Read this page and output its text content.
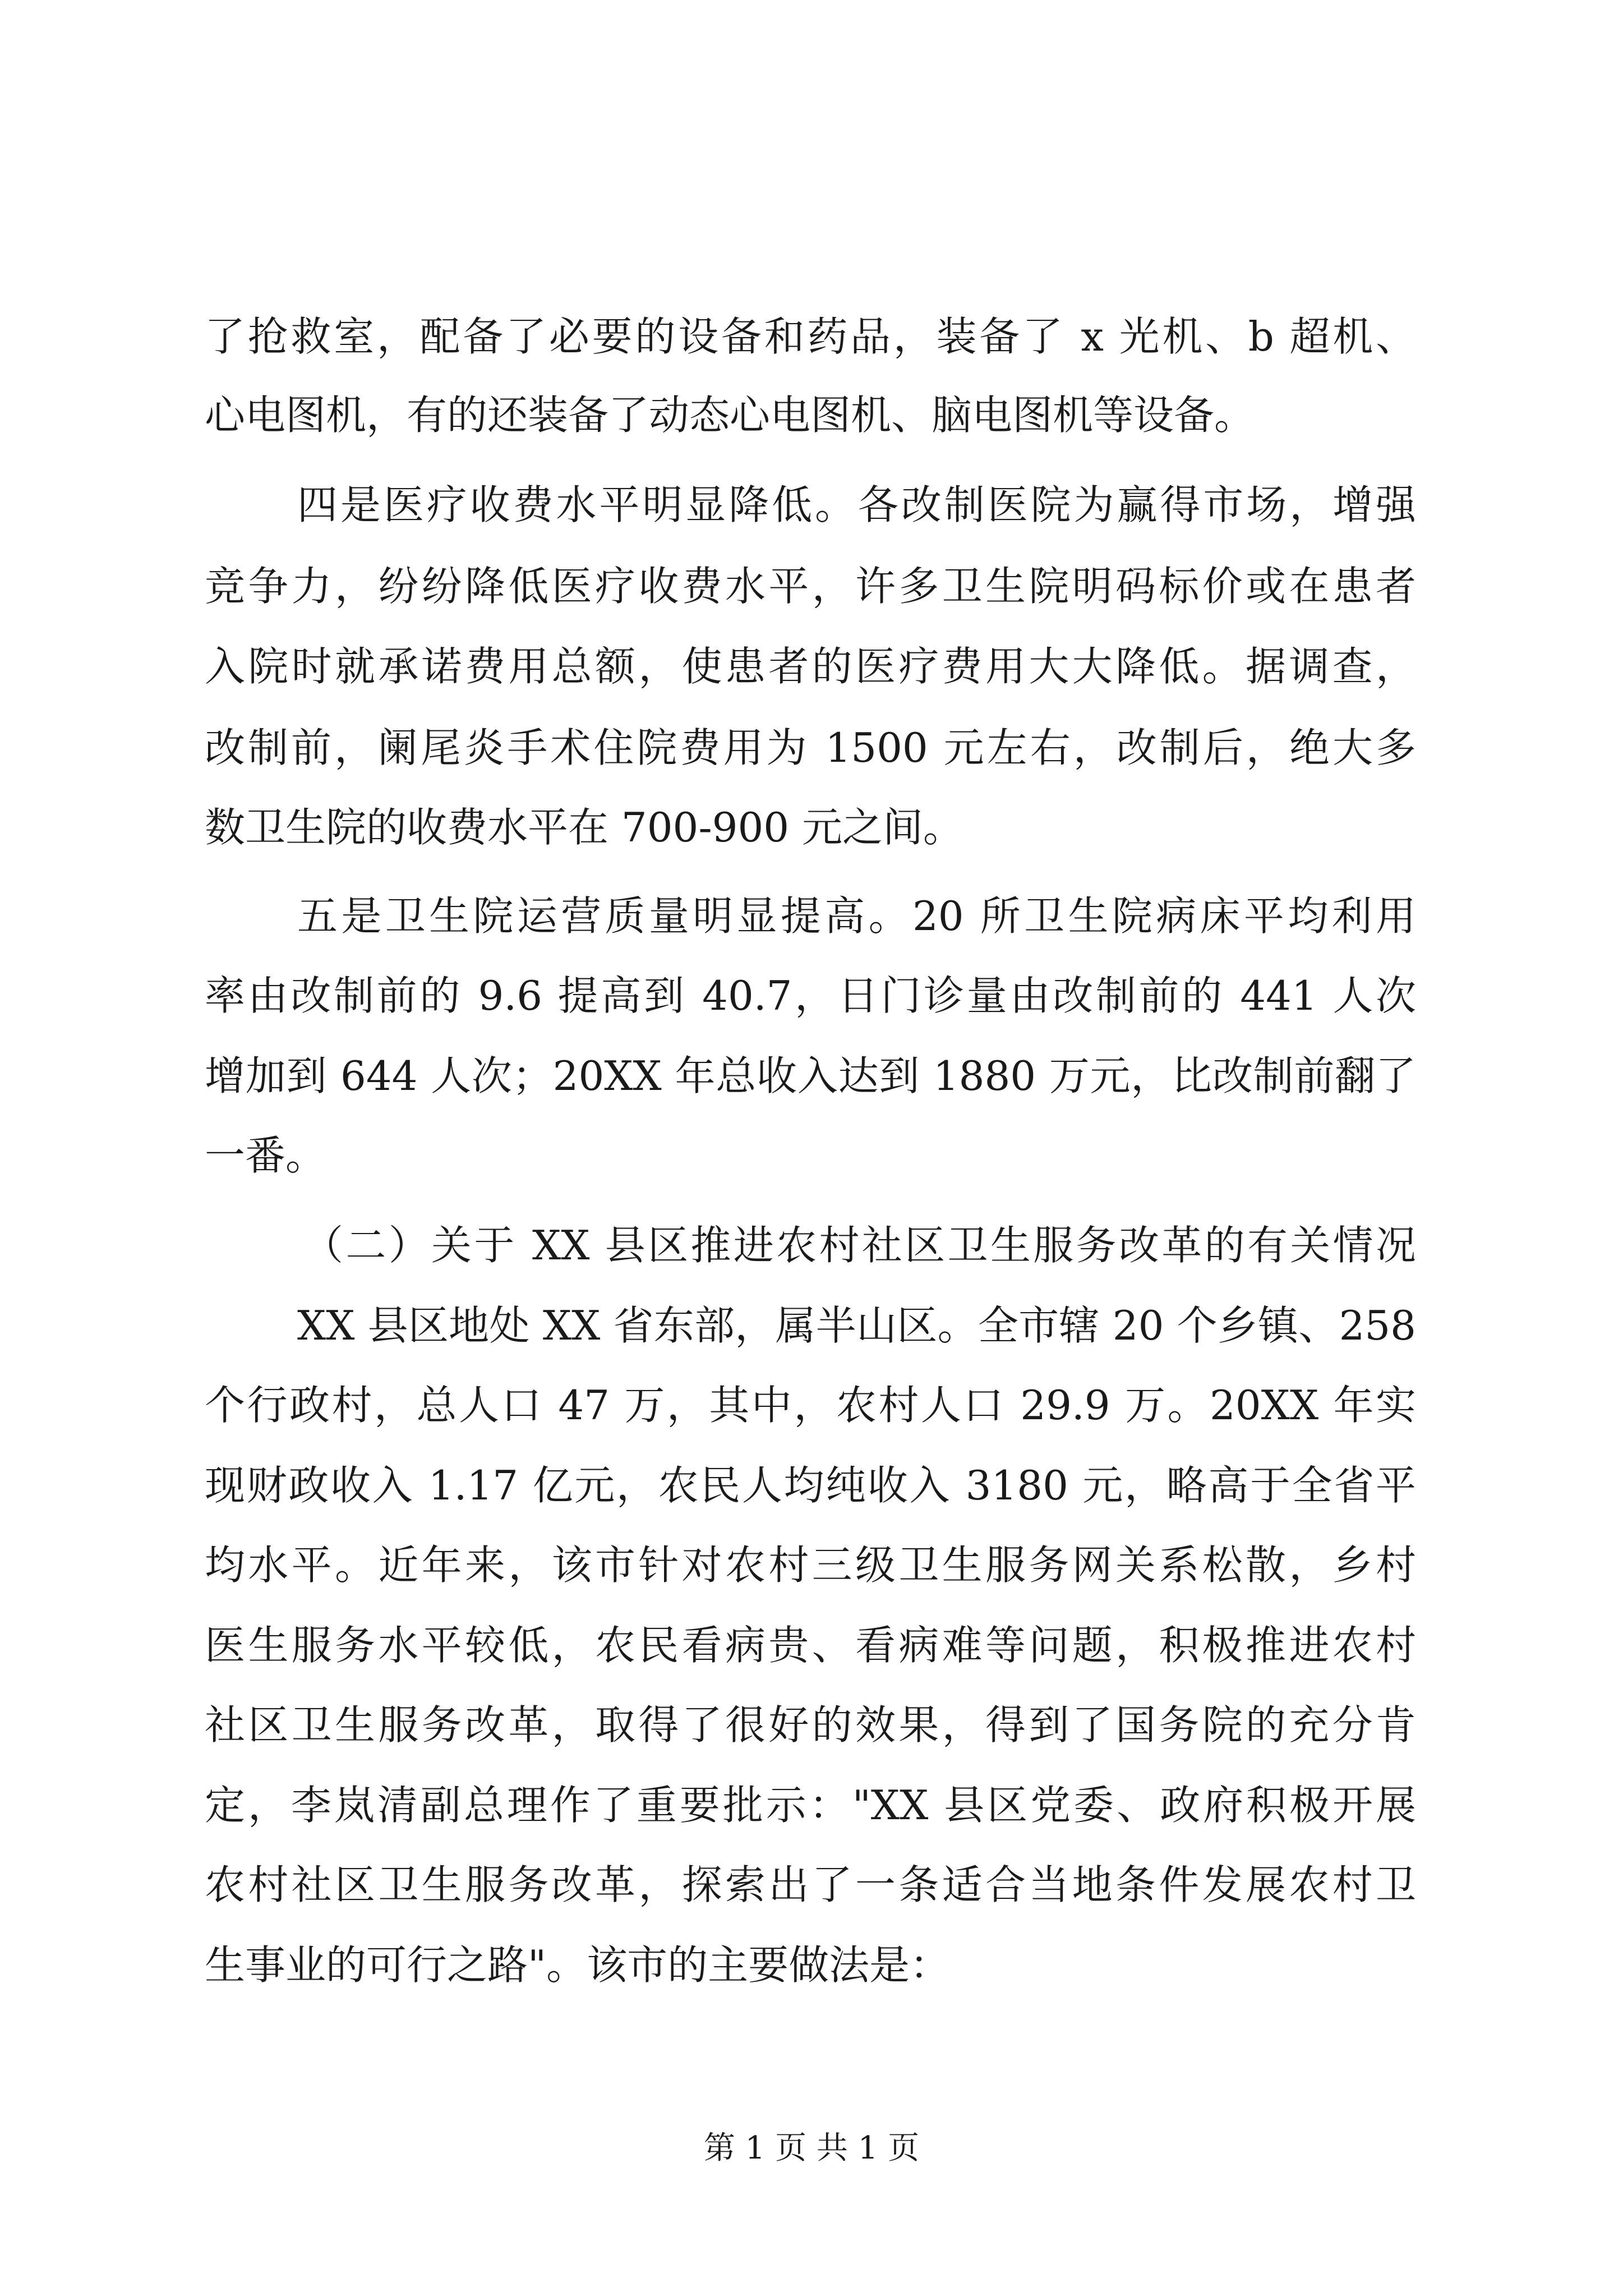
了抢救室，配备了必要的设备和药品，装备了 x 光机、b 超机、
心电图机，有的还装备了动态心电图机、脑电图机等设备。
四是医疗收费水平明显降低。各改制医院为赢得市场，增强
竞争力，纷纷降低医疗收费水平，许多卫生院明码标价或在患者
入院时就承诺费用总额，使患者的医疗费用大大降低。据调查，
改制前，阑尾炎手术住院费用为 1500 元左右，改制后，绝大多
数卫生院的收费水平在 700-900 元之间。
五是卫生院运营质量明显提高。20 所卫生院病床平均利用
率由改制前的 9.6 提高到 40.7，日门诊量由改制前的 441 人次
增加到 644 人次；20XX 年总收入达到 1880 万元，比改制前翻了
一番。
（二）关于 XX 县区推进农村社区卫生服务改革的有关情况
XX 县区地处 XX 省东部，属半山区。全市辖 20 个乡镇、258
个行政村，总人口 47 万，其中，农村人口 29.9 万。20XX 年实
现财政收入 1.17 亿元，农民人均纯收入 3180 元，略高于全省平
均水平。近年来，该市针对农村三级卫生服务网关系松散，乡村
医生服务水平较低，农民看病贵、看病难等问题，积极推进农村
社区卫生服务改革，取得了很好的效果，得到了国务院的充分肯
定，李岚清副总理作了重要批示："XX 县区党委、政府积极开展
农村社区卫生服务改革，探索出了一条适合当地条件发展农村卫
生事业的可行之路"。该市的主要做法是：
第 1 页 共 1 页
